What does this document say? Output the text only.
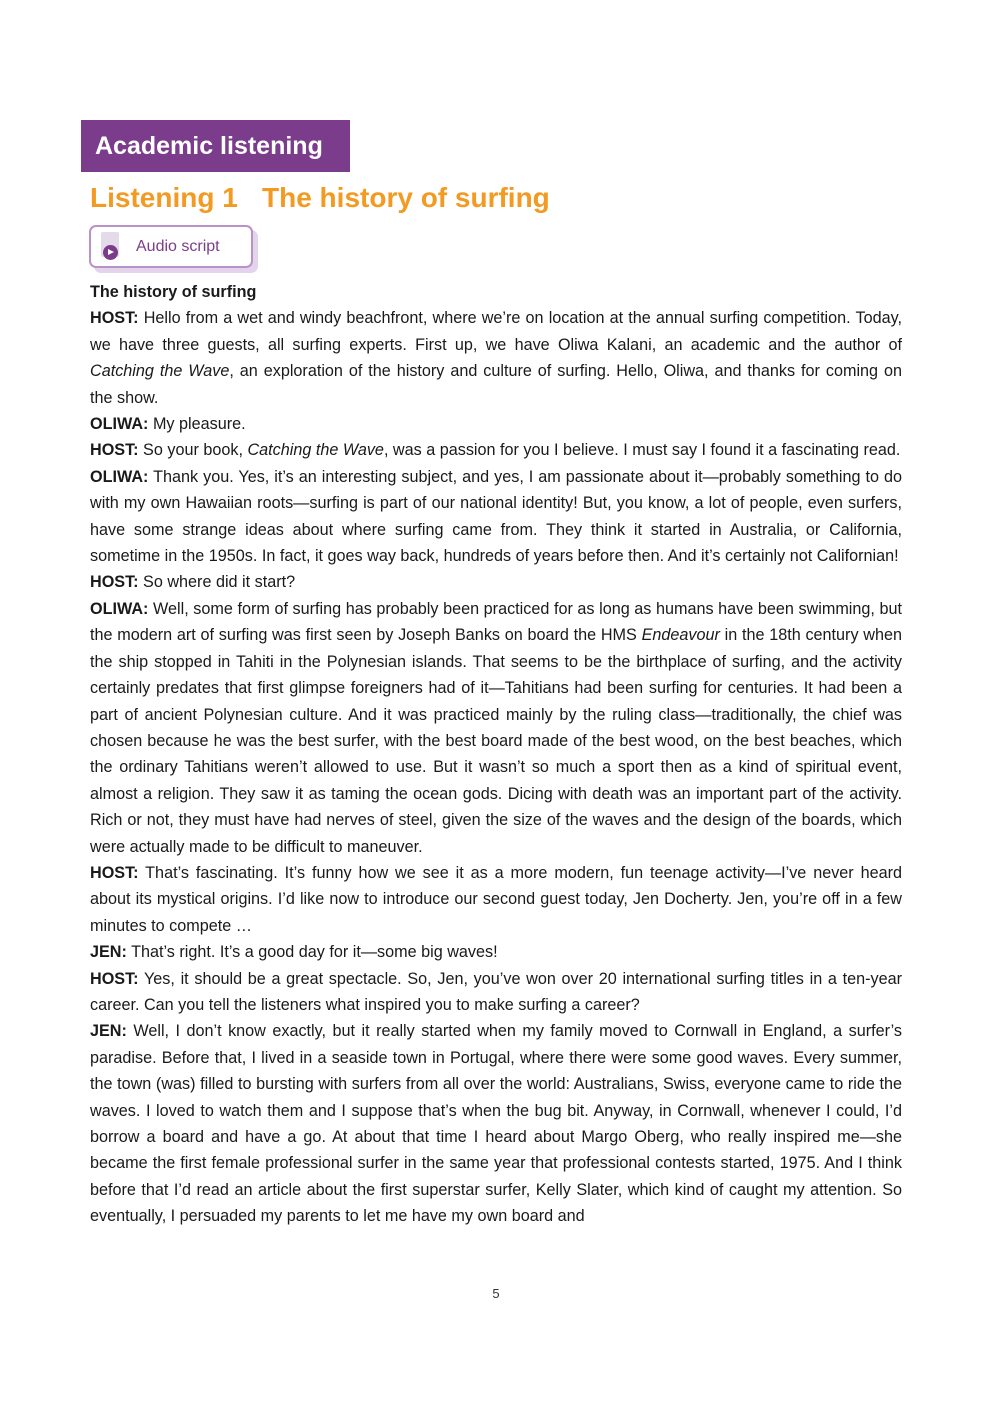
Academic listening
Listening 1 The history of surfing
Audio script

The history of surfing

HOST: Hello from a wet and windy beachfront, where we’re on location at the annual surfing competition. Today, we have three guests, all surfing experts. First up, we have Oliwa Kalani, an academic and the author of Catching the Wave, an exploration of the history and culture of surfing. Hello, Oliwa, and thanks for coming on the show.

OLIWA: My pleasure.

HOST: So your book, Catching the Wave, was a passion for you I believe. I must say I found it a fascinating read.

OLIWA: Thank you. Yes, it’s an interesting subject, and yes, I am passionate about it—probably something to do with my own Hawaiian roots—surfing is part of our national identity! But, you know, a lot of people, even surfers, have some strange ideas about where surfing came from. They think it started in Australia, or California, sometime in the 1950s. In fact, it goes way back, hundreds of years before then. And it’s certainly not Californian!

HOST: So where did it start?

OLIWA: Well, some form of surfing has probably been practiced for as long as humans have been swimming, but the modern art of surfing was first seen by Joseph Banks on board the HMS Endeavour in the 18th century when the ship stopped in Tahiti in the Polynesian islands. That seems to be the birthplace of surfing, and the activity certainly predates that first glimpse foreigners had of it—Tahitians had been surfing for centuries. It had been a part of ancient Polynesian culture. And it was practiced mainly by the ruling class—traditionally, the chief was chosen because he was the best surfer, with the best board made of the best wood, on the best beaches, which the ordinary Tahitians weren’t allowed to use. But it wasn’t so much a sport then as a kind of spiritual event, almost a religion. They saw it as taming the ocean gods. Dicing with death was an important part of the activity. Rich or not, they must have had nerves of steel, given the size of the waves and the design of the boards, which were actually made to be difficult to maneuver.

HOST: That’s fascinating. It’s funny how we see it as a more modern, fun teenage activity—I’ve never heard about its mystical origins. I’d like now to introduce our second guest today, Jen Docherty. Jen, you’re off in a few minutes to compete …

JEN: That’s right. It’s a good day for it—some big waves!

HOST: Yes, it should be a great spectacle. So, Jen, you’ve won over 20 international surfing titles in a ten-year career. Can you tell the listeners what inspired you to make surfing a career?

JEN: Well, I don’t know exactly, but it really started when my family moved to Cornwall in England, a surfer’s paradise. Before that, I lived in a seaside town in Portugal, where there were some good waves. Every summer, the town (was) filled to bursting with surfers from all over the world: Australians, Swiss, everyone came to ride the waves. I loved to watch them and I suppose that’s when the bug bit. Anyway, in Cornwall, whenever I could, I’d borrow a board and have a go. At about that time I heard about Margo Oberg, who really inspired me—she became the first female professional surfer in the same year that professional contests started, 1975. And I think before that I’d read an article about the first superstar surfer, Kelly Slater, which kind of caught my attention. So eventually, I persuaded my parents to let me have my own board and

5
